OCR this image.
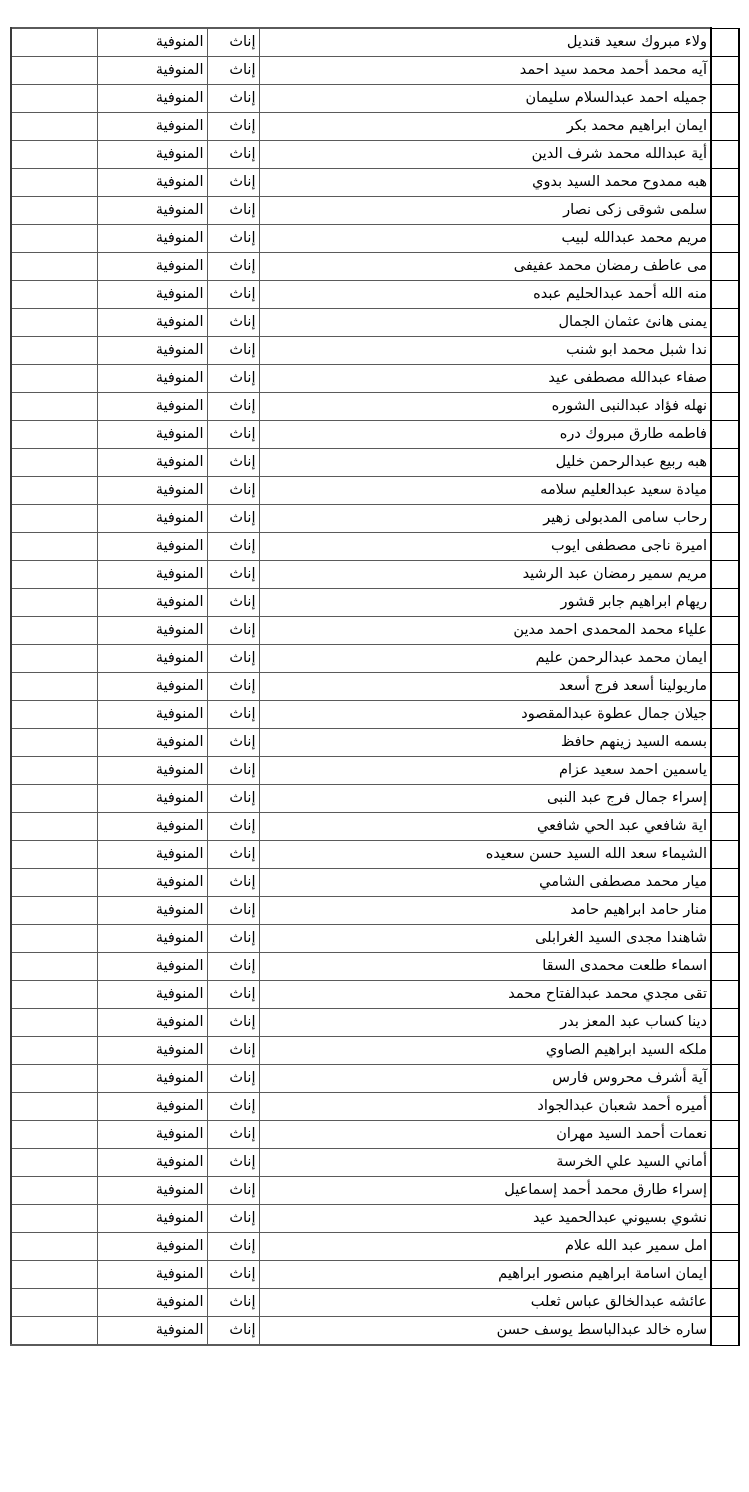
	ولاء مبروك سعيد قنديل	إناث	المنوفية	
	آيه محمد أحمد محمد سيد احمد	إناث	المنوفية	
	جميله احمد عبدالسلام سليمان	إناث	المنوفية	
	ايمان ابراهيم محمد بكر	إناث	المنوفية	
	أية عبدالله محمد شرف الدين	إناث	المنوفية	
	هبه ممدوح محمد السيد بدوي	إناث	المنوفية	
	سلمى شوقى زكى نصار	إناث	المنوفية	
	مريم محمد عبدالله لبيب	إناث	المنوفية	
	مى عاطف رمضان محمد عفيفى	إناث	المنوفية	
	منه الله أحمد عبدالحليم عبده	إناث	المنوفية	
	يمنى هانئ عثمان الجمال	إناث	المنوفية	
	ندا شبل محمد ابو شنب	إناث	المنوفية	
	صفاء عبدالله مصطفى عيد	إناث	المنوفية	
	نهله فؤاد عبدالنبى الشوره	إناث	المنوفية	
	فاطمه طارق مبروك دره	إناث	المنوفية	
	هبه ربيع عبدالرحمن خليل	إناث	المنوفية	
	ميادة سعيد عبدالعليم سلامه	إناث	المنوفية	
	رحاب سامى المدبولى زهير	إناث	المنوفية	
	اميرة ناجى مصطفى ايوب	إناث	المنوفية	
	مريم سمير رمضان عبد الرشيد	إناث	المنوفية	
	ريهام ابراهيم جابر قشور	إناث	المنوفية	
	علياء محمد المحمدى احمد مدين	إناث	المنوفية	
	ايمان محمد عبدالرحمن عليم	إناث	المنوفية	
	ماريولينا أسعد فرج أسعد	إناث	المنوفية	
	جيلان جمال عطوة عبدالمقصود	إناث	المنوفية	
	بسمه السيد زينهم حافظ	إناث	المنوفية	
	ياسمين احمد سعيد عزام	إناث	المنوفية	
	إسراء جمال فرج عبد النبى	إناث	المنوفية	
	اية شافعي عبد الحي شافعي	إناث	المنوفية	
	الشيماء سعد الله السيد حسن سعيده	إناث	المنوفية	
	ميار محمد مصطفى الشامي	إناث	المنوفية	
	منار حامد ابراهيم حامد	إناث	المنوفية	
	شاهندا مجدى السيد الغرابلى	إناث	المنوفية	
	اسماء طلعت محمدى السقا	إناث	المنوفية	
	تقى مجدي محمد عبدالفتاح محمد	إناث	المنوفية	
	دينا كساب عبد المعز بدر	إناث	المنوفية	
	ملكه السيد ابراهيم الصاوي	إناث	المنوفية	
	آية أشرف محروس فارس	إناث	المنوفية	
	أميره أحمد شعبان عبدالجواد	إناث	المنوفية	
	نعمات أحمد السيد مهران	إناث	المنوفية	
	أماني السيد علي الخرسة	إناث	المنوفية	
	إسراء طارق محمد أحمد إسماعيل	إناث	المنوفية	
	نشوي بسيوني عبدالحميد عيد	إناث	المنوفية	
	امل سمير عبد الله علام	إناث	المنوفية	
	ايمان اسامة ابراهيم منصور ابراهيم	إناث	المنوفية	
	عائشه عبدالخالق عباس ثعلب	إناث	المنوفية	
	ساره خالد عبدالباسط يوسف حسن	إناث	المنوفية	
